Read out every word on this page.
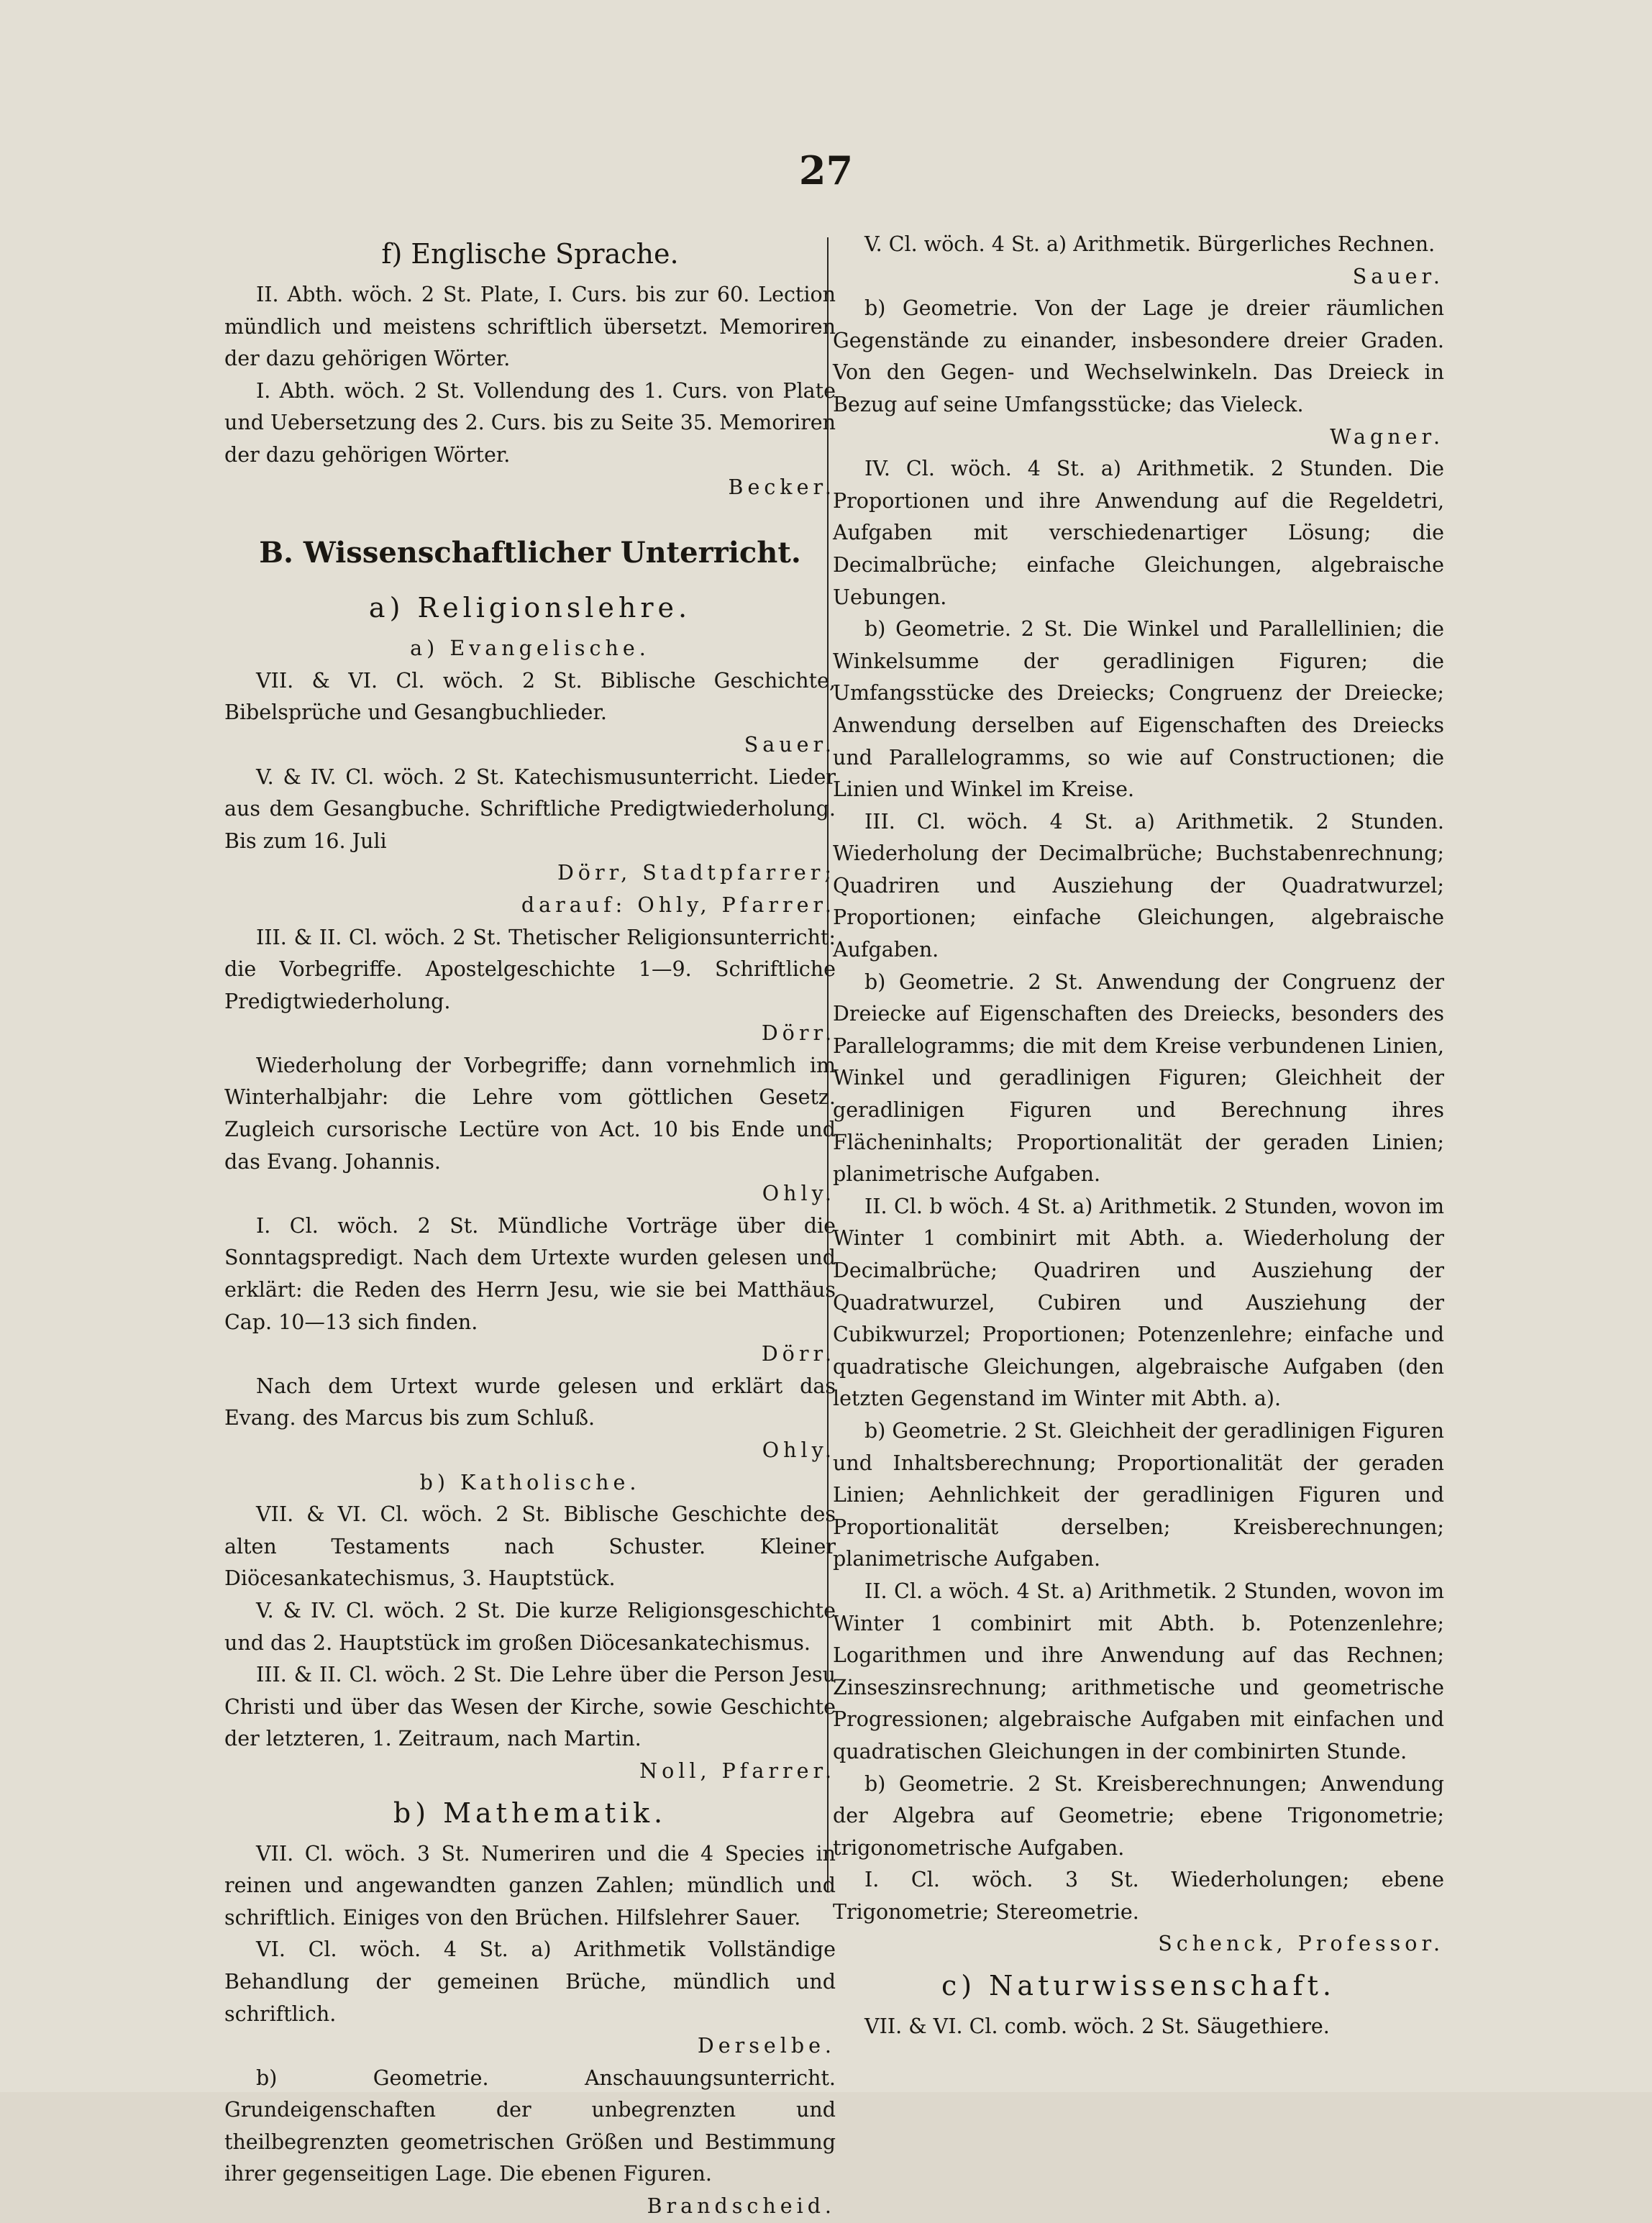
27
f) Englische Sprache.

II. Abth. wöch. 2 St. Plate, I. Curs. bis zur 60. Lection mündlich und meistens schriftlich übersetzt. Memoriren der dazu gehörigen Wörter.

I. Abth. wöch. 2 St. Vollendung des 1. Curs. von Plate und Uebersetzung des 2. Curs. bis zu Seite 35. Memoriren der dazu gehörigen Wörter.

Becker.

B. Wissenschaftlicher Unterricht.
a) Religionslehre.

a) Evangelische.

VII. & VI. Cl. wöch. 2 St. Biblische Geschichte, Bibelsprüche und Gesangbuchlieder.

Sauer.

V. & IV. Cl. wöch. 2 St. Katechismusunterricht. Lieder aus dem Gesangbuche. Schriftliche Predigtwiederholung. Bis zum 16. Juli

Dörr, Stadtpfarrer;

darauf: Ohly, Pfarrer.

III. & II. Cl. wöch. 2 St. Thetischer Religionsunterricht: die Vorbegriffe. Apostelgeschichte 1—9. Schriftliche Predigtwiederholung.

Dörr.

Wiederholung der Vorbegriffe; dann vornehmlich im Winterhalbjahr: die Lehre vom göttlichen Gesetz. Zugleich cursorische Lectüre von Act. 10 bis Ende und das Evang. Johannis.

Ohly.

I. Cl. wöch. 2 St. Mündliche Vorträge über die Sonntagspredigt. Nach dem Urtexte wurden gelesen und erklärt: die Reden des Herrn Jesu, wie sie bei Matthäus Cap. 10—13 sich finden.

Dörr.

Nach dem Urtext wurde gelesen und erklärt das Evang. des Marcus bis zum Schluß.

Ohly.

b) Katholische.

VII. & VI. Cl. wöch. 2 St. Biblische Geschichte des alten Testaments nach Schuster. Kleiner Diöcesankatechismus, 3. Hauptstück.

V. & IV. Cl. wöch. 2 St. Die kurze Religionsgeschichte und das 2. Hauptstück im großen Diöcesankatechismus.

III. & II. Cl. wöch. 2 St. Die Lehre über die Person Jesu Christi und über das Wesen der Kirche, sowie Geschichte der letzteren, 1. Zeitraum, nach Martin.

Noll, Pfarrer.

b) Mathematik.

VII. Cl. wöch. 3 St. Numeriren und die 4 Species in reinen und angewandten ganzen Zahlen; mündlich und schriftlich. Einiges von den Brüchen. Hilfslehrer Sauer.

VI. Cl. wöch. 4 St. a) Arithmetik Vollständige Behandlung der gemeinen Brüche, mündlich und schriftlich.

Derselbe.

b) Geometrie. Anschauungsunterricht. Grundeigenschaften der unbegrenzten und theilbegrenzten geometrischen Größen und Bestimmung ihrer gegenseitigen Lage. Die ebenen Figuren.

Brandscheid.

V. Cl. wöch. 4 St. a) Arithmetik. Bürgerliches Rechnen.

Sauer.

b) Geometrie. Von der Lage je dreier räumlichen Gegenstände zu einander, insbesondere dreier Graden. Von den Gegen- und Wechselwinkeln. Das Dreieck in Bezug auf seine Umfangsstücke; das Vieleck.

Wagner.

IV. Cl. wöch. 4 St. a) Arithmetik. 2 Stunden. Die Proportionen und ihre Anwendung auf die Regeldetri, Aufgaben mit verschiedenartiger Lösung; die Decimalbrüche; einfache Gleichungen, algebraische Uebungen.

b) Geometrie. 2 St. Die Winkel und Parallellinien; die Winkelsumme der geradlinigen Figuren; die Umfangsstücke des Dreiecks; Congruenz der Dreiecke; Anwendung derselben auf Eigenschaften des Dreiecks und Parallelogramms, so wie auf Constructionen; die Linien und Winkel im Kreise.

III. Cl. wöch. 4 St. a) Arithmetik. 2 Stunden. Wiederholung der Decimalbrüche; Buchstabenrechnung; Quadriren und Ausziehung der Quadratwurzel; Proportionen; einfache Gleichungen, algebraische Aufgaben.

b) Geometrie. 2 St. Anwendung der Congruenz der Dreiecke auf Eigenschaften des Dreiecks, besonders des Parallelogramms; die mit dem Kreise verbundenen Linien, Winkel und geradlinigen Figuren; Gleichheit der geradlinigen Figuren und Berechnung ihres Flächeninhalts; Proportionalität der geraden Linien; planimetrische Aufgaben.

II. Cl. b wöch. 4 St. a) Arithmetik. 2 Stunden, wovon im Winter 1 combinirt mit Abth. a. Wiederholung der Decimalbrüche; Quadriren und Ausziehung der Quadratwurzel, Cubiren und Ausziehung der Cubikwurzel; Proportionen; Potenzenlehre; einfache und quadratische Gleichungen, algebraische Aufgaben (den letzten Gegenstand im Winter mit Abth. a).

b) Geometrie. 2 St. Gleichheit der geradlinigen Figuren und Inhaltsberechnung; Proportionalität der geraden Linien; Aehnlichkeit der geradlinigen Figuren und Proportionalität derselben; Kreisberechnungen; planimetrische Aufgaben.

II. Cl. a wöch. 4 St. a) Arithmetik. 2 Stunden, wovon im Winter 1 combinirt mit Abth. b. Potenzenlehre; Logarithmen und ihre Anwendung auf das Rechnen; Zinseszinsrechnung; arithmetische und geometrische Progressionen; algebraische Aufgaben mit einfachen und quadratischen Gleichungen in der combinirten Stunde.

b) Geometrie. 2 St. Kreisberechnungen; Anwendung der Algebra auf Geometrie; ebene Trigonometrie; trigonometrische Aufgaben.

I. Cl. wöch. 3 St. Wiederholungen; ebene Trigonometrie; Stereometrie.

Schenck, Professor.

c) Naturwissenschaft.

VII. & VI. Cl. comb. wöch. 2 St. Säugethiere.
